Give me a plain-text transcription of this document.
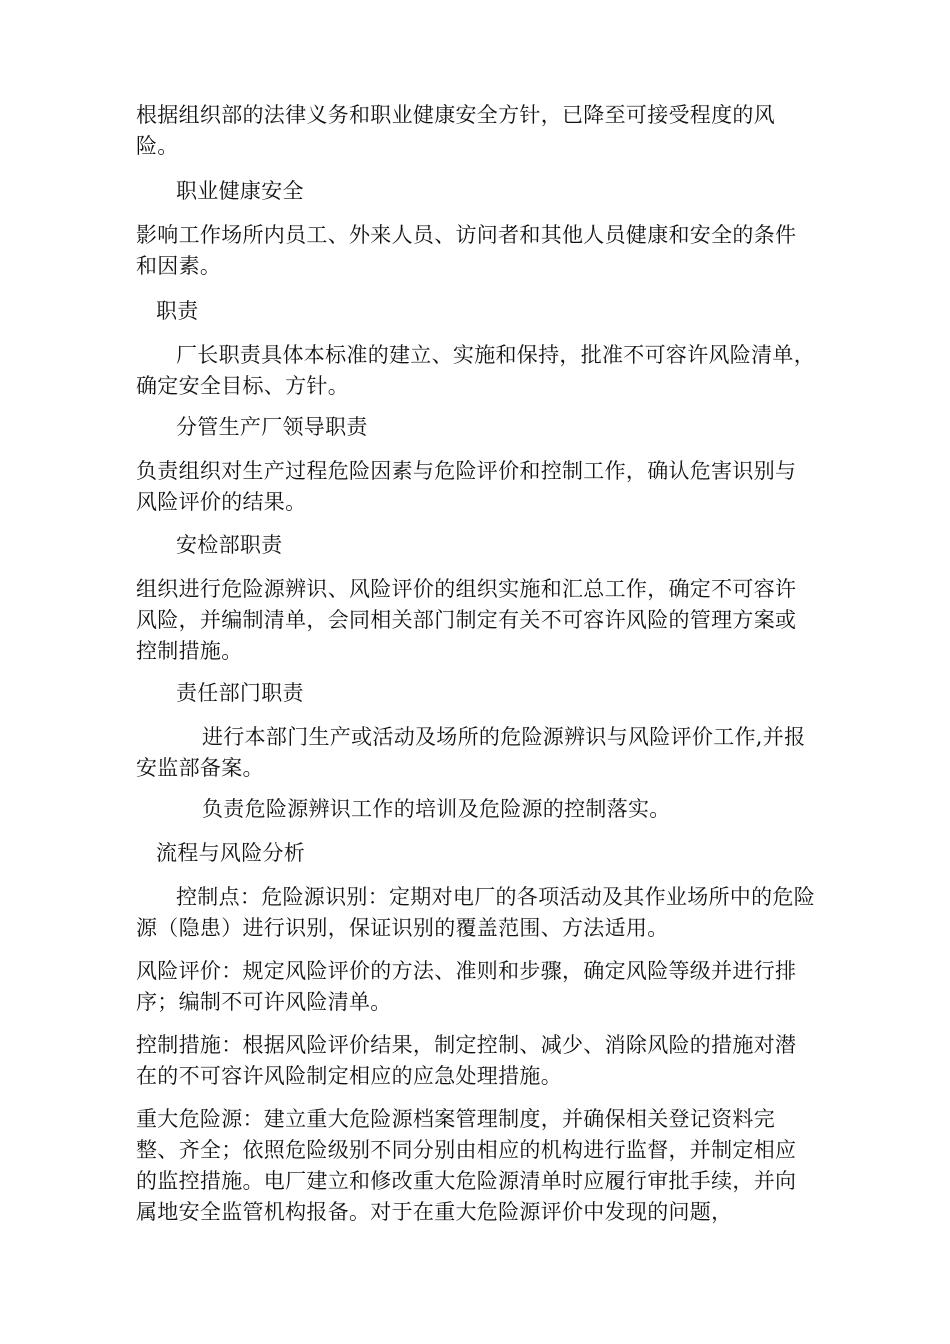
根据组织部的法律义务和职业健康安全方针，已降至可接受程度的风险。

职业健康安全

影响工作场所内员工、外来人员、访问者和其他人员健康和安全的条件和因素。

职责

厂长职责具体本标准的建立、实施和保持，批准不可容许风险清单，确定安全目标、方针。

分管生产厂领导职责

负责组织对生产过程危险因素与危险评价和控制工作，确认危害识别与风险评价的结果。

安检部职责

组织进行危险源辨识、风险评价的组织实施和汇总工作，确定不可容许风险，并编制清单，会同相关部门制定有关不可容许风险的管理方案或控制措施。

责任部门职责

进行本部门生产或活动及场所的危险源辨识与风险评价工作,并报安监部备案。

负责危险源辨识工作的培训及危险源的控制落实。

流程与风险分析

控制点：危险源识别：定期对电厂的各项活动及其作业场所中的危险源（隐患）进行识别，保证识别的覆盖范围、方法适用。

风险评价：规定风险评价的方法、准则和步骤，确定风险等级并进行排序；编制不可许风险清单。

控制措施：根据风险评价结果，制定控制、减少、消除风险的措施对潜在的不可容许风险制定相应的应急处理措施。

重大危险源：建立重大危险源档案管理制度，并确保相关登记资料完整、齐全；依照危险级别不同分别由相应的机构进行监督，并制定相应的监控措施。电厂建立和修改重大危险源清单时应履行审批手续，并向属地安全监管机构报备。对于在重大危险源评价中发现的问题，
